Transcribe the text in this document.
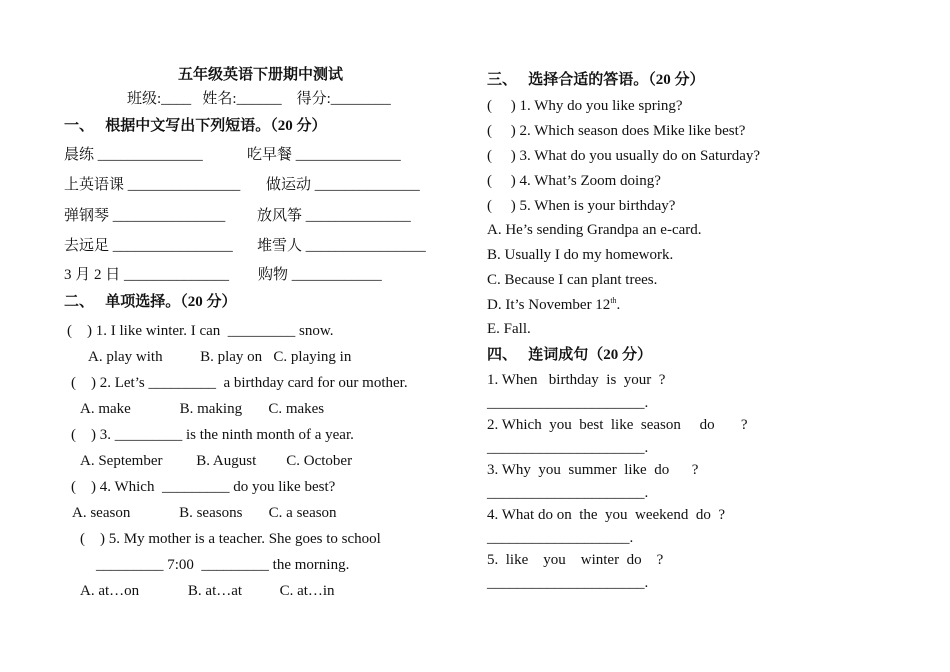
五年级英语下册期中测试
班级:____   姓名:______    得分:________
一、   根据中文写出下列短语。（20 分）
晨练 ______________	吃早餐 ______________
上英语课 _______________ 做运动 ______________
弹钢琴 _______________ 放风筝 ______________
去远足 ________________ 堆雪人 ________________
3 月 2 日 ______________ 购物 ____________
二、   单项选择。（20 分）
(    ) 1. I like winter. I can  _________ snow.
A. play with          B. play on   C. playing in
(    ) 2. Let’s _________  a birthday card for our mother.
A. make             B. making       C. makes
(    ) 3. _________ is the ninth month of a year.
A. September         B. August        C. October
(    ) 4. Which  _________ do you like best?
A. season             B. seasons       C. a season
(    ) 5. My mother is a teacher. She goes to school
_________ 7:00  _________ the morning.
A. at…on             B. at…at          C. at…in
三、   选择合适的答语。（20 分）
(     ) 1. Why do you like spring?
(     ) 2. Which season does Mike like best?
(     ) 3. What do you usually do on Saturday?
(     ) 4. What’s Zoom doing?
(     ) 5. When is your birthday?
A. He’s sending Grandpa an e-card.
B. Usually I do my homework.
C. Because I can plant trees.
D. It’s November 12th.
E. Fall.
四、   连词成句（20 分）
1. When   birthday  is  your  ?
_____________________.
2. Which  you  best  like  season     do       ?
_____________________.
3. Why  you  summer  like  do      ?
_____________________.
4. What do on  the  you  weekend  do  ?
___________________.
5.  like    you    winter  do    ?
_____________________.
